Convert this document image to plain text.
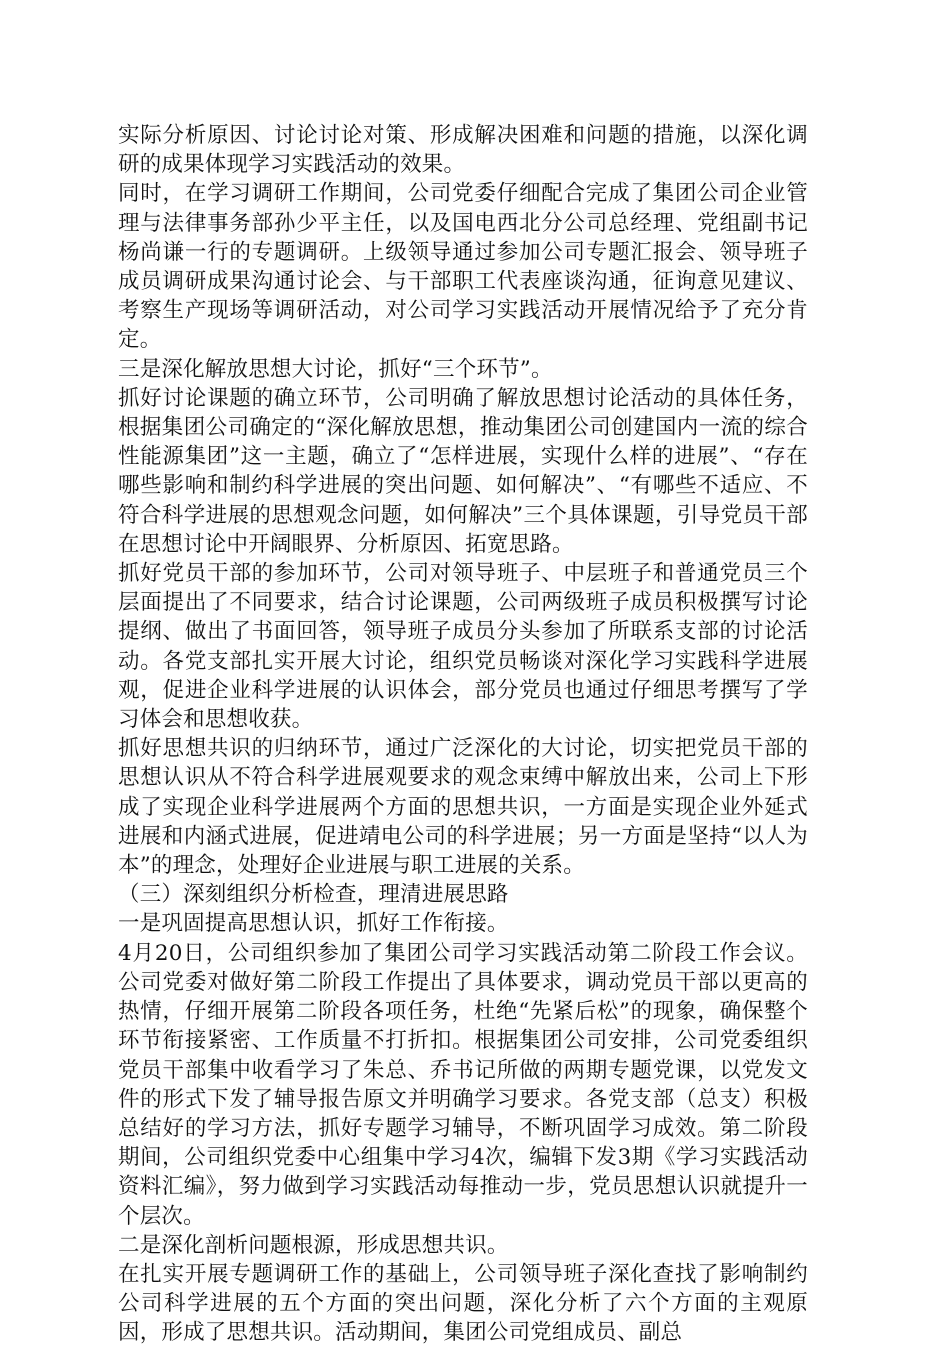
实际分析原因、讨论讨论对策、形成解决困难和问题的措施，以深化调研的成果体现学习实践活动的效果。

同时，在学习调研工作期间，公司党委仔细配合完成了集团公司企业管理与法律事务部孙少平主任，以及国电西北分公司总经理、党组副书记杨尚谦一行的专题调研。上级领导通过参加公司专题汇报会、领导班子成员调研成果沟通讨论会、与干部职工代表座谈沟通，征询意见建议、考察生产现场等调研活动，对公司学习实践活动开展情况给予了充分肯定。

三是深化解放思想大讨论，抓好“三个环节”。

抓好讨论课题的确立环节，公司明确了解放思想讨论活动的具体任务，根据集团公司确定的“深化解放思想，推动集团公司创建国内一流的综合性能源集团”这一主题，确立了“怎样进展，实现什么样的进展”、“存在哪些影响和制约科学进展的突出问题、如何解决”、“有哪些不适应、不符合科学进展的思想观念问题，如何解决”三个具体课题，引导党员干部在思想讨论中开阔眼界、分析原因、拓宽思路。

抓好党员干部的参加环节，公司对领导班子、中层班子和普通党员三个层面提出了不同要求，结合讨论课题，公司两级班子成员积极撰写讨论提纲、做出了书面回答，领导班子成员分头参加了所联系支部的讨论活动。各党支部扎实开展大讨论，组织党员畅谈对深化学习实践科学进展观，促进企业科学进展的认识体会，部分党员也通过仔细思考撰写了学习体会和思想收获。

抓好思想共识的归纳环节，通过广泛深化的大讨论，切实把党员干部的思想认识从不符合科学进展观要求的观念束缚中解放出来，公司上下形成了实现企业科学进展两个方面的思想共识，一方面是实现企业外延式进展和内涵式进展，促进靖电公司的科学进展；另一方面是坚持“以人为本”的理念，处理好企业进展与职工进展的关系。

（三）深刻组织分析检查，理清进展思路

一是巩固提高思想认识，抓好工作衔接。

4月20日，公司组织参加了集团公司学习实践活动第二阶段工作会议。公司党委对做好第二阶段工作提出了具体要求，调动党员干部以更高的热情，仔细开展第二阶段各项任务，杜绝“先紧后松”的现象，确保整个环节衔接紧密、工作质量不打折扣。根据集团公司安排，公司党委组织党员干部集中收看学习了朱总、乔书记所做的两期专题党课，以党发文件的形式下发了辅导报告原文并明确学习要求。各党支部（总支）积极总结好的学习方法，抓好专题学习辅导，不断巩固学习成效。第二阶段期间，公司组织党委中心组集中学习4次，编辑下发3期《学习实践活动资料汇编》，努力做到学习实践活动每推动一步，党员思想认识就提升一个层次。

二是深化剖析问题根源，形成思想共识。

在扎实开展专题调研工作的基础上，公司领导班子深化查找了影响制约公司科学进展的五个方面的突出问题，深化分析了六个方面的主观原因，形成了思想共识。活动期间，集团公司党组成员、副总
